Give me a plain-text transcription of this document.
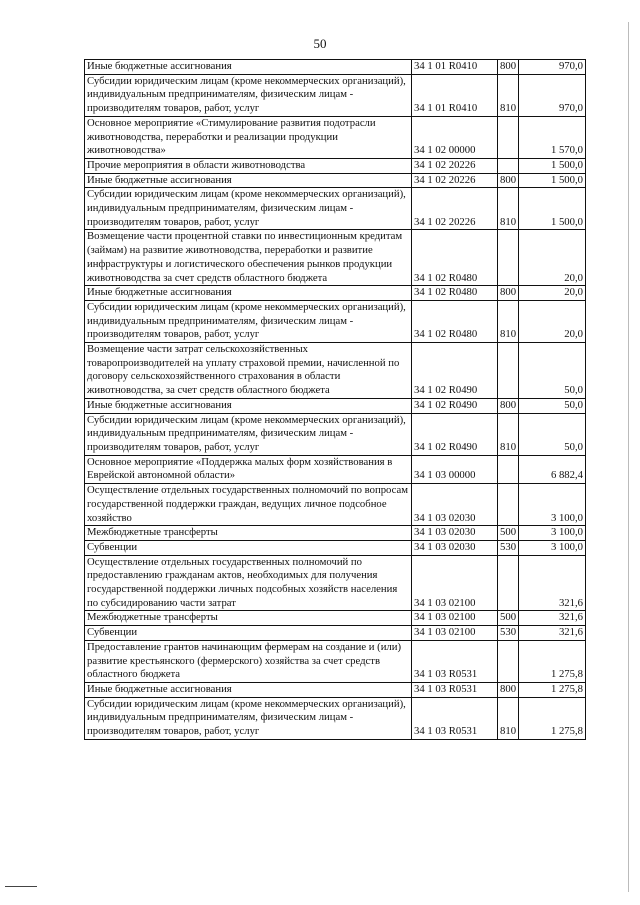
50
Иные бюджетные ассигнования	34 1 01 R0410	800	970,0
Субсидии юридическим лицам (кроме некоммерческих организаций), индивидуальным предпринимателям, физическим лицам - производителям товаров, работ, услуг	34 1 01 R0410	810	970,0
Основное мероприятие «Стимулирование развития подотрасли животноводства, переработки и реализации продукции животноводства»	34 1 02 00000		1 570,0
Прочие мероприятия в области животноводства	34 1 02 20226		1 500,0
Иные бюджетные ассигнования	34 1 02 20226	800	1 500,0
Субсидии юридическим лицам (кроме некоммерческих организаций), индивидуальным предпринимателям, физическим лицам - производителям товаров, работ, услуг	34 1 02 20226	810	1 500,0
Возмещение части процентной ставки по инвестиционным кредитам (займам) на развитие животноводства, переработки и развитие инфраструктуры и логистического обеспечения рынков продукции животноводства за счет средств областного бюджета	34 1 02 R0480		20,0
Иные бюджетные ассигнования	34 1 02 R0480	800	20,0
Субсидии юридическим лицам (кроме некоммерческих организаций), индивидуальным предпринимателям, физическим лицам - производителям товаров, работ, услуг	34 1 02 R0480	810	20,0
Возмещение части затрат сельскохозяйственных товаропроизводителей на уплату страховой премии, начисленной по договору сельскохозяйственного страхования в области животноводства, за счет средств областного бюджета	34 1 02 R0490		50,0
Иные бюджетные ассигнования	34 1 02 R0490	800	50,0
Субсидии юридическим лицам (кроме некоммерческих организаций), индивидуальным предпринимателям, физическим лицам - производителям товаров, работ, услуг	34 1 02 R0490	810	50,0
Основное мероприятие «Поддержка малых форм хозяйствования в Еврейской автономной области»	34 1 03 00000		6 882,4
Осуществление отдельных государственных полномочий по вопросам государственной поддержки граждан, ведущих личное подсобное хозяйство	34 1 03 02030		3 100,0
Межбюджетные трансферты	34 1 03 02030	500	3 100,0
Субвенции	34 1 03 02030	530	3 100,0
Осуществление отдельных государственных полномочий по предоставлению гражданам актов, необходимых для получения государственной поддержки личных подсобных хозяйств населения по субсидированию части затрат	34 1 03 02100		321,6
Межбюджетные трансферты	34 1 03 02100	500	321,6
Субвенции	34 1 03 02100	530	321,6
Предоставление грантов начинающим фермерам на создание и (или) развитие крестьянского (фермерского) хозяйства за счет средств областного бюджета	34 1 03 R0531		1 275,8
Иные бюджетные ассигнования	34 1 03 R0531	800	1 275,8
Субсидии юридическим лицам (кроме некоммерческих организаций), индивидуальным предпринимателям, физическим лицам - производителям товаров, работ, услуг	34 1 03 R0531	810	1 275,8
